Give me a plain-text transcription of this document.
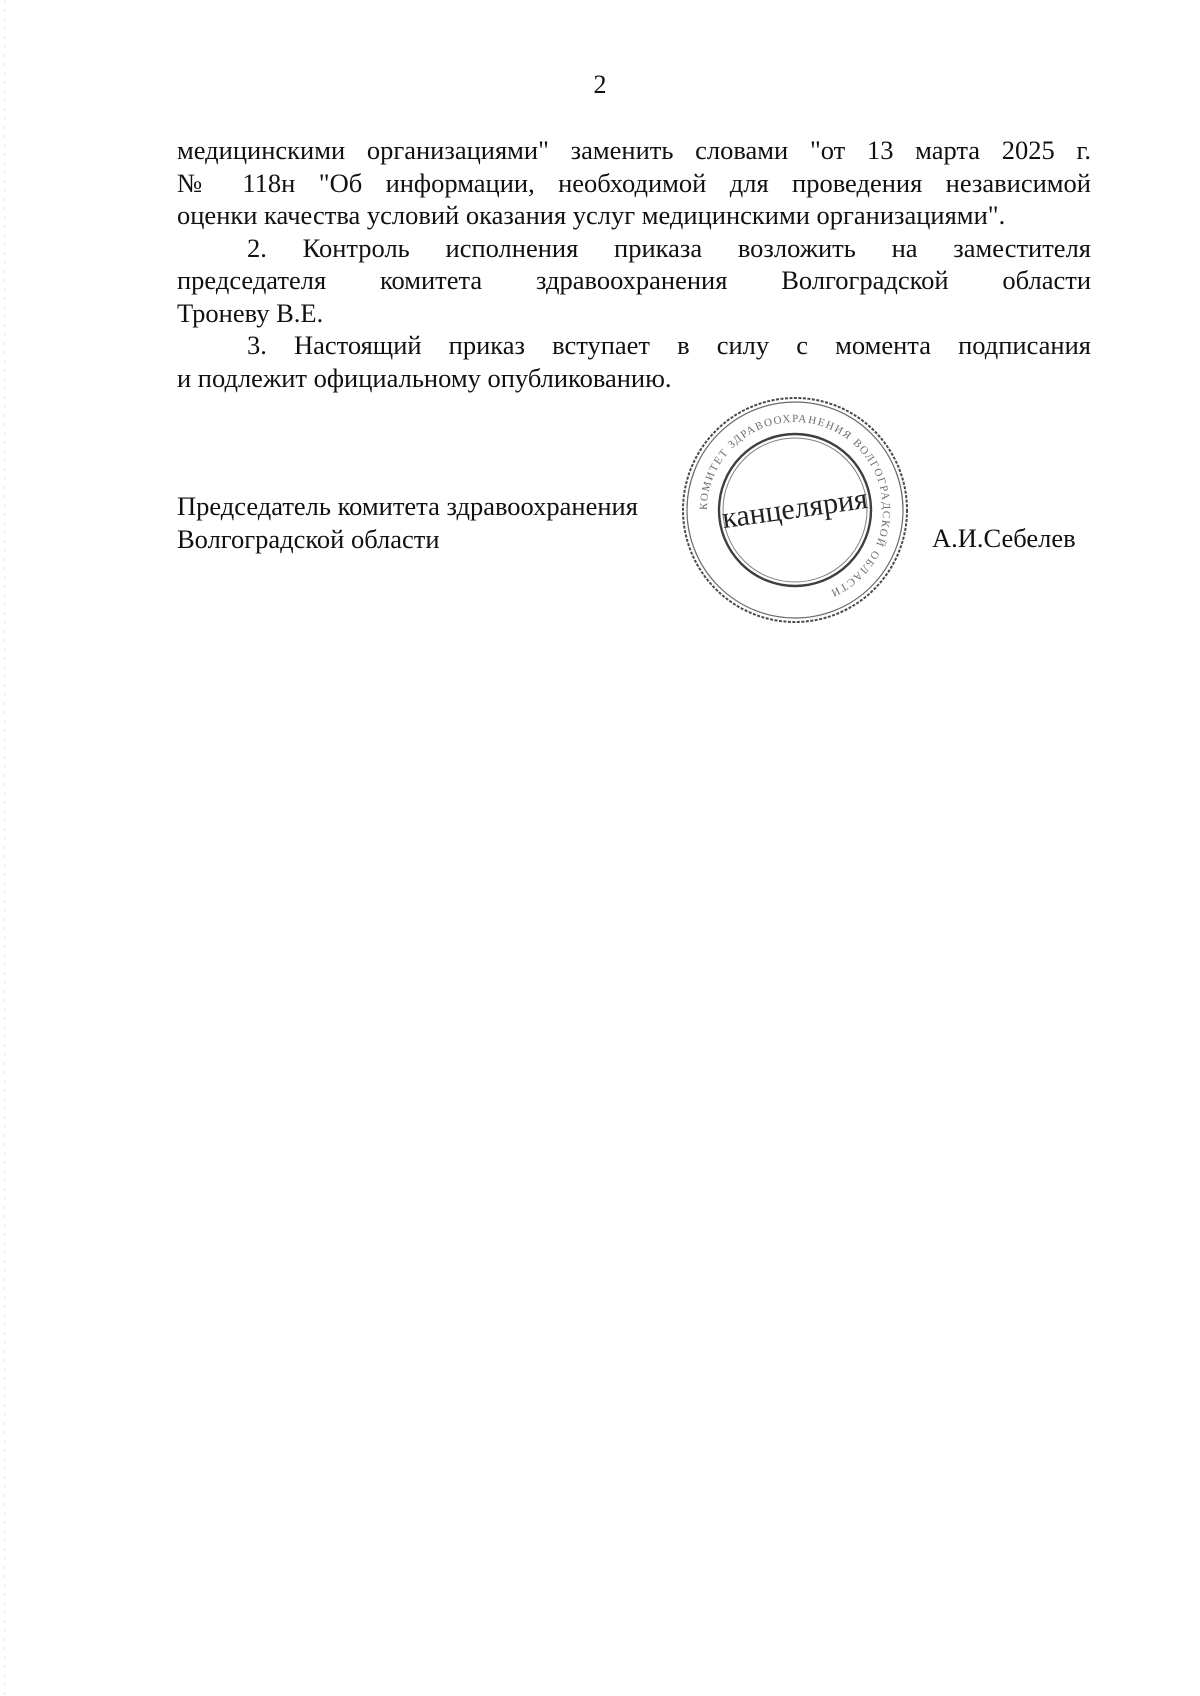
2

медицинскими организациями" заменить словами "от 13 марта 2025 г.
№ 118н "Об информации, необходимой для проведения независимой
оценки качества условий оказания услуг медицинскими организациями".

2. Контроль исполнения приказа возложить на заместителя
председателя комитета здравоохранения Волгоградской области
Троневу В.Е.

3. Настоящий приказ вступает в силу с момента подписания
и подлежит официальному опубликованию.

Председатель комитета здравоохранения
Волгоградской области	А.И.Себелев
КОМИТЕТ ЗДРАВООХРАНЕНИЯ ВОЛГОГРАДСКОЙ ОБЛАСТИ
канцелярия
